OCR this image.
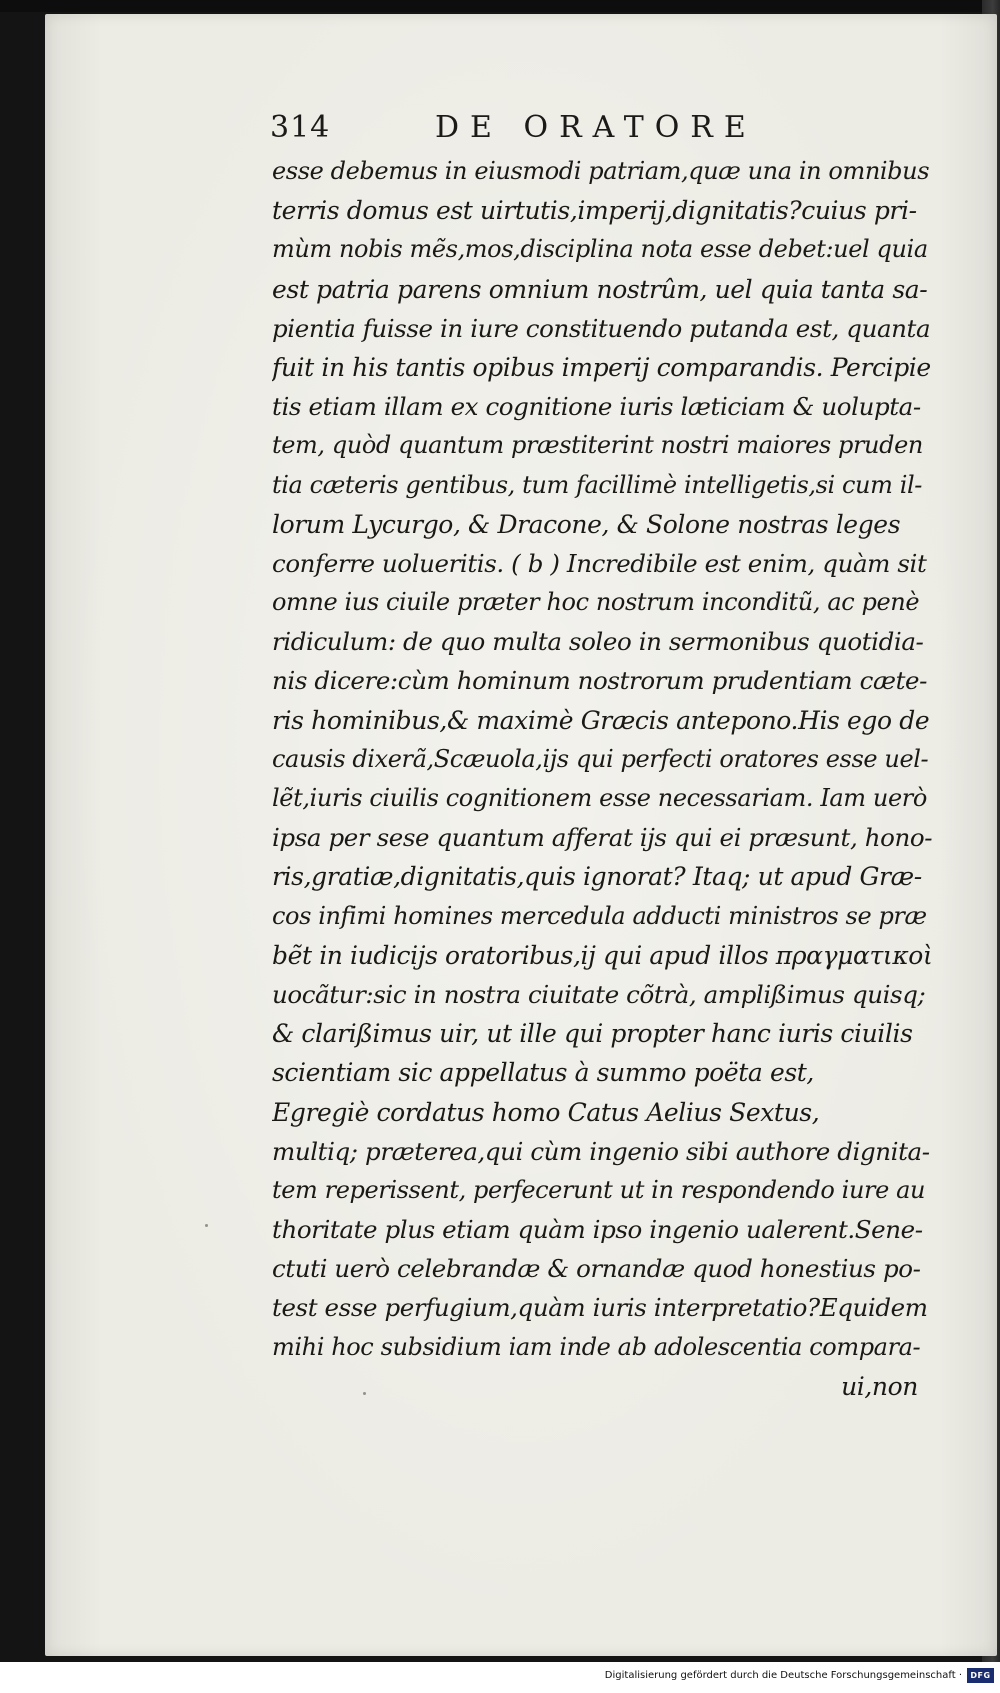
314	DE ORATORE
esse debemus in eiusmodi patriam,quæ una in omnibus
terris domus est uirtutis,imperij,dignitatis?cuius pri-
mùm nobis mẽs,mos,disciplina nota esse debet:uel quia
est patria parens omnium nostrûm, uel quia tanta sa-
pientia fuisse in iure constituendo putanda est, quanta
fuit in his tantis opibus imperij comparandis. Percipie
tis etiam illam ex cognitione iuris læticiam & uolupta-
tem, quòd quantum præstiterint nostri maiores pruden
tia cæteris gentibus, tum facillimè intelligetis,si cum il-
lorum Lycurgo, & Dracone, & Solone nostras leges
conferre uolueritis. ( b ) Incredibile est enim, quàm sit
omne ius ciuile præter hoc nostrum inconditũ, ac penè
ridiculum: de quo multa soleo in sermonibus quotidia-
nis dicere:cùm hominum nostrorum prudentiam cæte-
ris hominibus,& maximè Græcis antepono.His ego de
causis dixerã,Scæuola,ijs qui perfecti oratores esse uel-
lẽt,iuris ciuilis cognitionem esse necessariam. Iam uerò
ipsa per sese quantum afferat ijs qui ei præsunt, hono-
ris,gratiæ,dignitatis,quis ignorat? Itaq; ut apud Græ-
cos infimi homines mercedula adducti ministros se præ
bẽt in iudicijs oratoribus,ij qui apud illos πραγματικοὶ
uocãtur:sic in nostra ciuitate cõtrà, amplißimus quisq;
& clarißimus uir, ut ille qui propter hanc iuris ciuilis
scientiam sic appellatus à summo poëta est,
Egregiè cordatus homo Catus Aelius Sextus,
multiq; præterea,qui cùm ingenio sibi authore dignita-
tem reperissent, perfecerunt ut in respondendo iure au
thoritate plus etiam quàm ipso ingenio ualerent.Sene-
ctuti uerò celebrandæ & ornandæ quod honestius po-
test esse perfugium,quàm iuris interpretatio?Equidem
mihi hoc subsidium iam inde ab adolescentia compara-
ui,non
Digitalisierung gefördert durch die Deutsche Forschungsgemeinschaft ·	DFG
